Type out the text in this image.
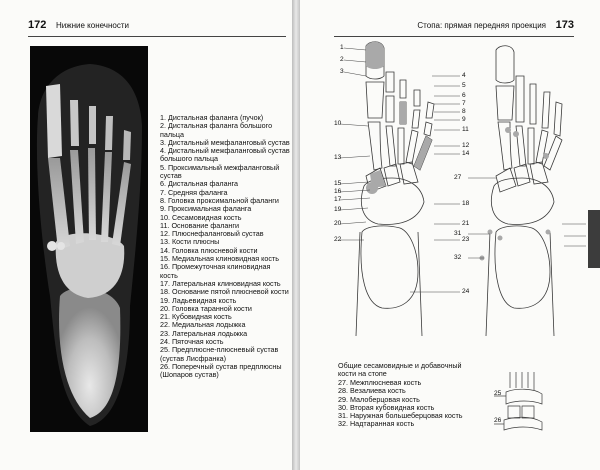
172 Нижние конечности
1. Дистальная фаланга (пучок)
2. Дистальная фаланга большого пальца
3. Дистальный межфаланговый сустав
4. Дистальный межфаланговый сустав большого пальца
5. Проксимальный межфаланговый сустав
6. Дистальная фаланга
7. Средняя фаланга
8. Головка проксимальной фаланги
9. Проксимальная фаланга
10. Сесамовидная кость
11. Основание фаланги
12. Плюснефаланговый сустав
13. Кости плюсны
14. Головка плюсневой кости
15. Медиальная клиновидная кость
16. Промежуточная клиновидная кость
17. Латеральная клиновидная кость
18. Основание пятой плюсневой кости
19. Ладьевидная кость
20. Головка таранной кости
21. Кубовидная кость
22. Медиальная лодыжка
23. Латеральная лодыжка
24. Пяточная кость
25. Предплюсне-плюсневый сустав (сустав Лисфранка)
26. Поперечный сустав предплюсны (Шопаров сустав)
Стопа: прямая передняя проекция 173
1
2
3
4
5
6
7
8
9
10
11
12
13
14
15
16
17
18
19
20	21
22	23
24
27
31
32
25
26
Общие сесамовидные и добавочный кости на стопе
27. Межплюсневая кость
28. Везалиева кость
29. Малоберцовая кость
30. Вторая кубовидная кость
31. Наружная большеберцовая кость
32. Надтаранная кость
